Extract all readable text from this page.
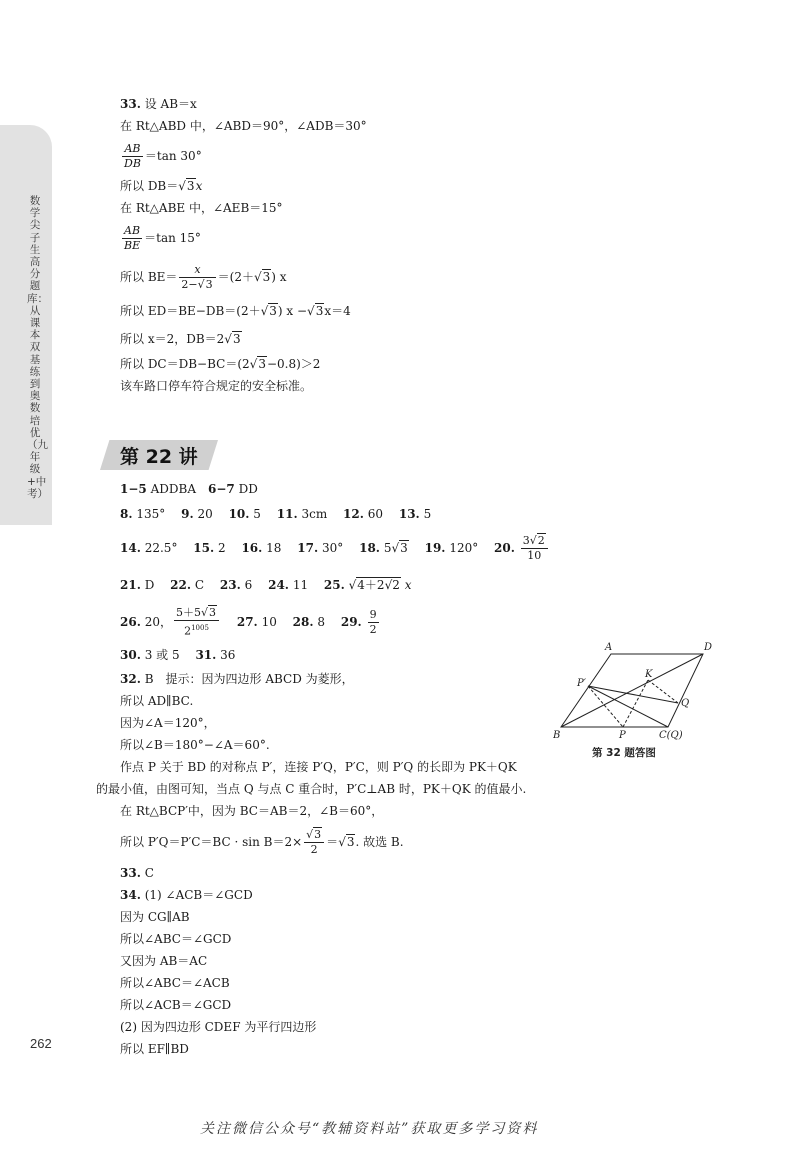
数学尖子生高分题库：从课本双基练到奥数培优（九年级+中考）
262
33. 设 AB＝x
在 Rt△ABD 中，∠ABD＝90°，∠ADB＝30°
$\frac{AB}{DB} =\tan$ 30°
所以 DB＝√3x
在 Rt△ABE 中，∠AEB＝15°
$\frac{AB}{BE} =\tan$ 15°
所以 $BE= \frac{x}{2-√3} =(2+√3)$ x
所以 ED＝BE−DB＝(2＋√3) x −√3x＝4
所以 x＝2，DB＝2√3
所以 DC＝DB−BC＝(2√3−0.8)＞2
该车路口停车符合规定的安全标准。
第 22 讲
1−5 ADDBA　 6−7 DD
8. 135°　 9. 20　 10. 5　 11. 3cm　 12. 60　 13. 5
14. 22.5°　 15. 2　 16. 18　 17. 30°　 18. 5√3　 19. 120°　 20. $\frac{3√2}{10}$
21. D　 22. C　 23. 6　 24. 11　 25. √4＋2√2 x
26. 20， $\frac{5+5√3}{2^{1005}}$
　 27. 10　 28. 8　 29. $\frac{9}{2}$
30. 3 或 5　 31. 36
32. B　提示：因为四边形 ABCD 为菱形，
所以 AD∥BC.
因为∠A＝120°，
所以∠B＝180°−∠A＝60°.
作点 P 关于 BD 的对称点 P′，连接 P′Q，P′C，则 P′Q 的长即为 PK＋QK
的最小值，由图可知，当点 Q 与点 C 重合时，P′C⊥AB 时，PK＋QK 的值最小.
在 Rt△BCP′中，因为 BC＝AB＝2，∠B＝60°，
所以 $P'Q=P'C=BC \cdot \sin B=2\times \frac{√3}{2} =√3$. 故选 B.
33. C
34. (1) ∠ACB＝∠GCD
因为 CG∥AB
所以∠ABC＝∠GCD
又因为 AB＝AC
所以∠ABC＝∠ACB
所以∠ACB＝∠GCD
(2) 因为四边形 CDEF 为平行四边形
所以 EF∥BD
A	D
P′
K
Q
B	P	C(Q)
第 32 题答图
关注微信公众号“教辅资料站”获取更多学习资料
